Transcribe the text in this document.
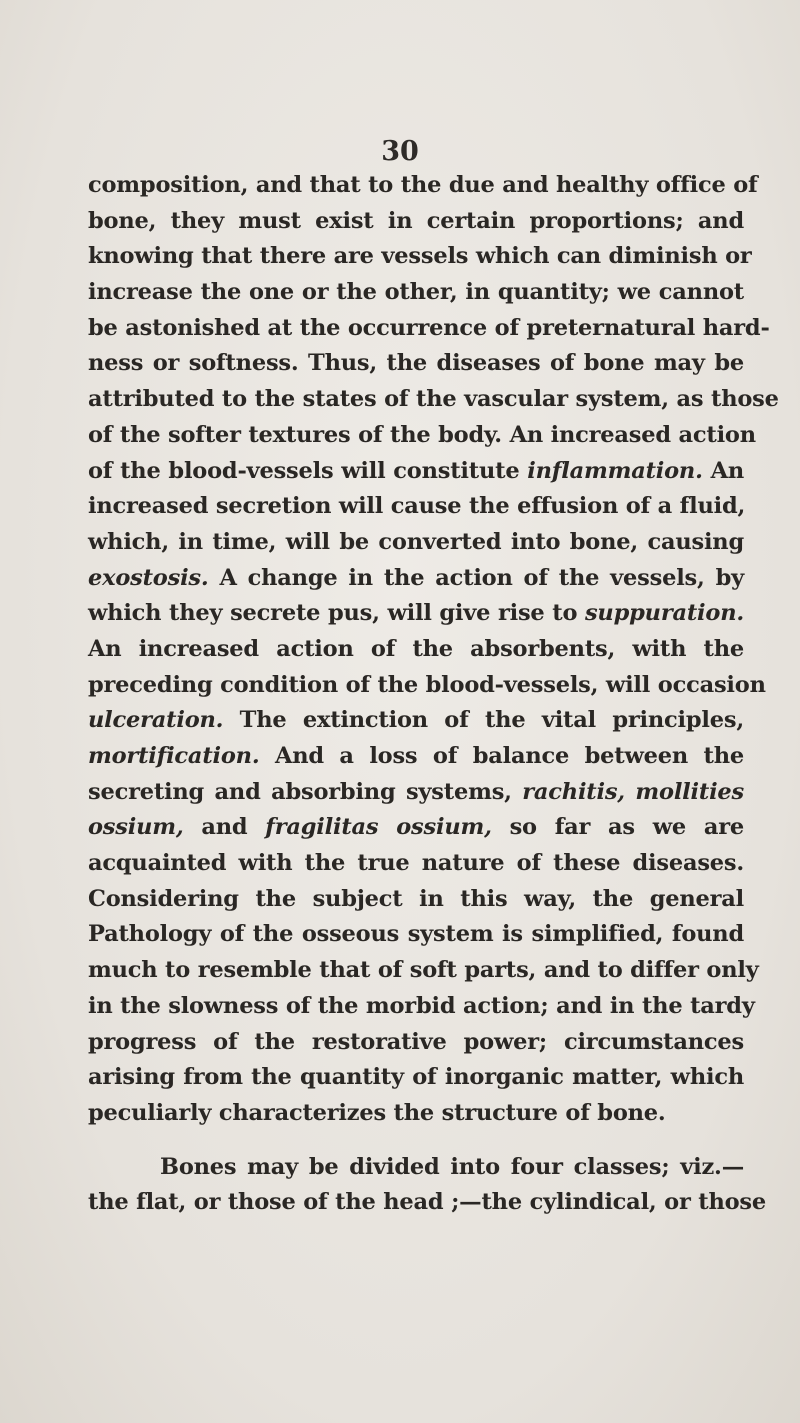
30
composition, and that to the due and healthy office of
bone, they must exist in certain proportions; and
knowing that there are vessels which can diminish or
increase the one or the other, in quantity; we cannot
be astonished at the occurrence of preternatural hard-
ness or softness. Thus, the diseases of bone may be
attributed to the states of the vascular system, as those
of the softer textures of the body. An increased action
of the blood-vessels will constitute inflammation. An
increased secretion will cause the effusion of a fluid,
which, in time, will be converted into bone, causing
exostosis. A change in the action of the vessels, by
which they secrete pus, will give rise to suppuration.
An increased action of the absorbents, with the
preceding condition of the blood-vessels, will occasion
ulceration. The extinction of the vital principles,
mortification. And a loss of balance between the
secreting and absorbing systems, rachitis, mollities
ossium, and fragilitas ossium, so far as we are
acquainted with the true nature of these diseases.
Considering the subject in this way, the general
Pathology of the osseous system is simplified, found
much to resemble that of soft parts, and to differ only
in the slowness of the morbid action; and in the tardy
progress of the restorative power; circumstances
arising from the quantity of inorganic matter, which
peculiarly characterizes the structure of bone.
Bones may be divided into four classes; viz.—
the flat, or those of the head ;—the cylindical, or those
